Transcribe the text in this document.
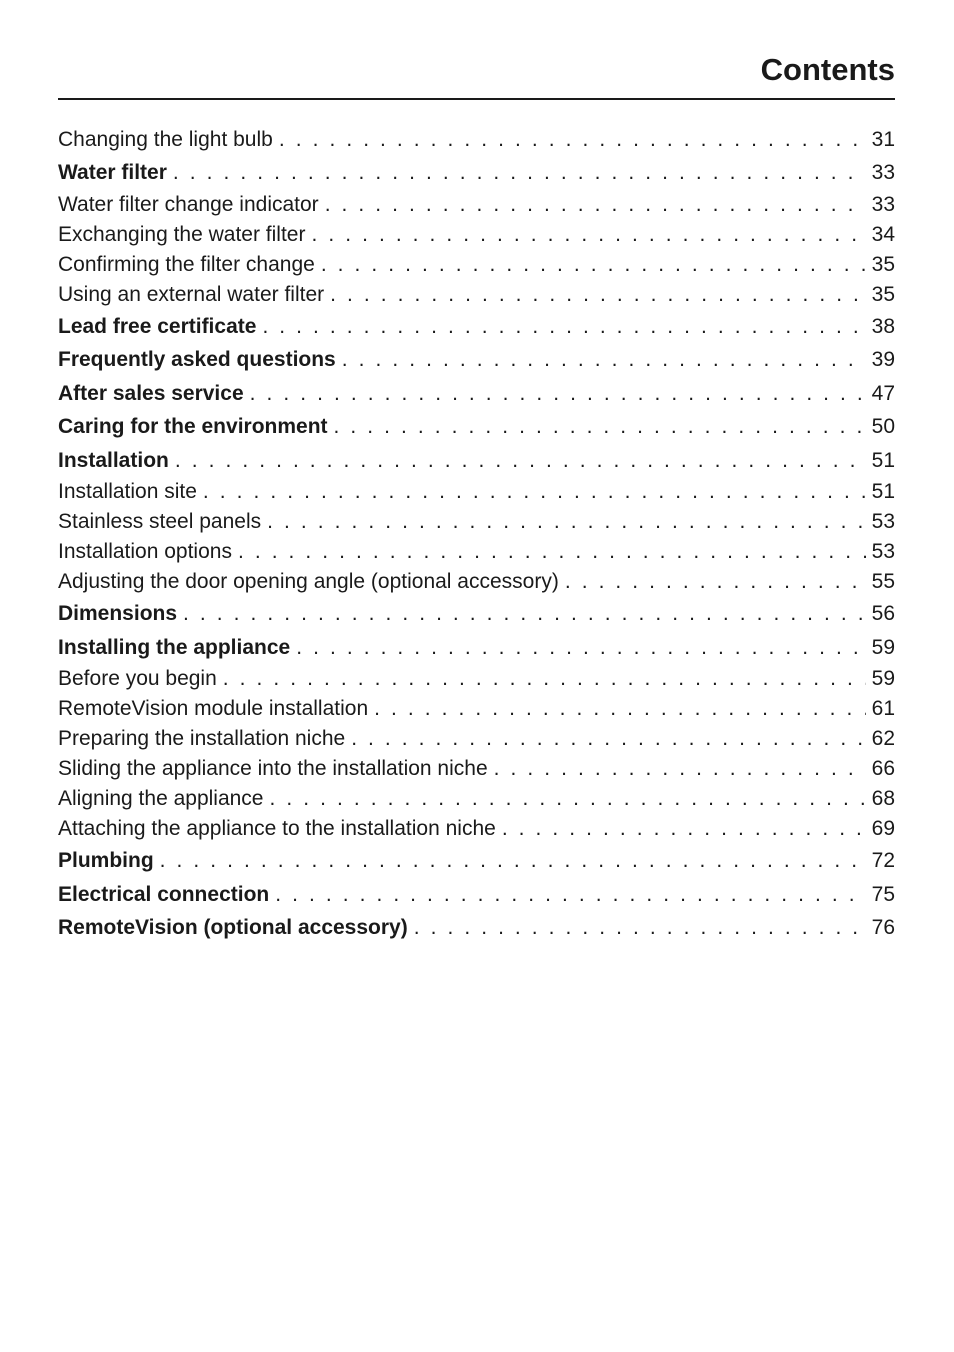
Contents
Changing the light bulb . . .	31
Water filter . . .	33
Water filter change indicator . . .	33
Exchanging the water filter . . .	34
Confirming the filter change . . .	35
Using an external water filter . . .	35
Lead free certificate . . .	38
Frequently asked questions . . .	39
After sales service . . .	47
Caring for the environment . . .	50
Installation . . .	51
Installation site . . .	51
Stainless steel panels . . .	53
Installation options . . .	53
Adjusting the door opening angle (optional accessory) . . .	55
Dimensions . . .	56
Installing the appliance . . .	59
Before you begin . . .	59
RemoteVision module installation . . .	61
Preparing the installation niche . . .	62
Sliding the appliance into the installation niche . . .	66
Aligning the appliance . . .	68
Attaching the appliance to the installation niche . . .	69
Plumbing . . .	72
Electrical connection . . .	75
RemoteVision (optional accessory) . . .	76
